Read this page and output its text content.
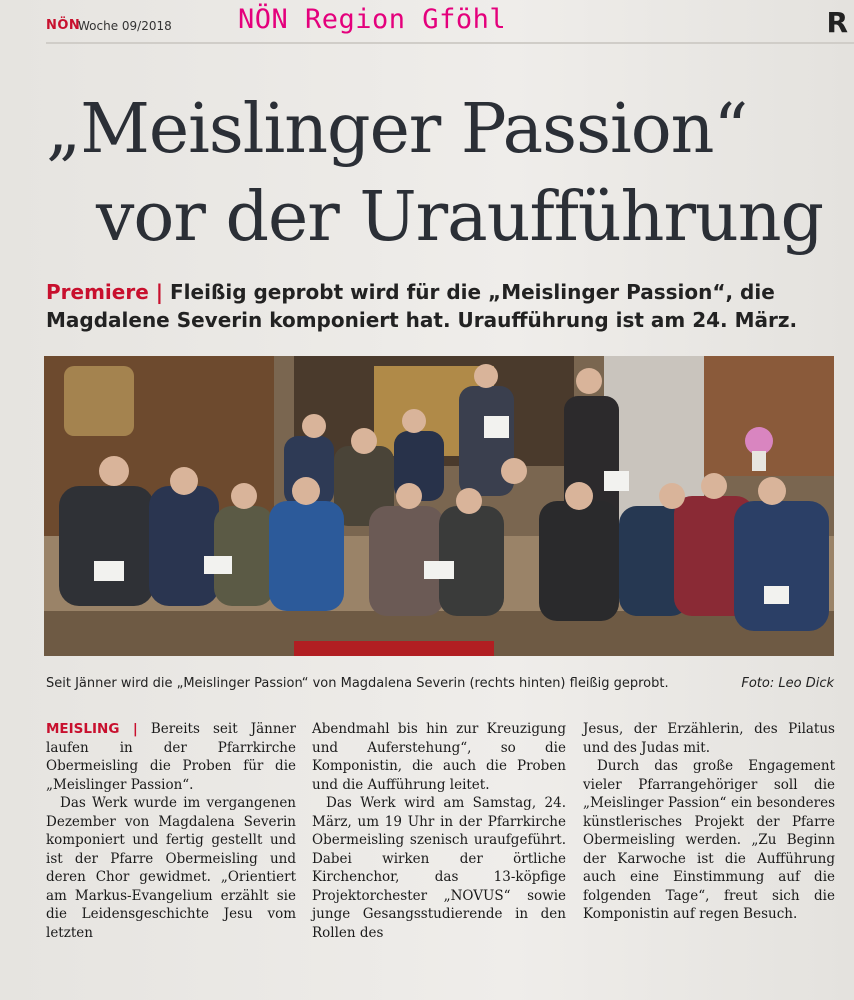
NÖN
Woche 09/2018 NÖN Region Gföhl	R
„Meislinger Passion“
vor der Uraufführung
Premiere | Fleißig geprobt wird für die „Meislinger Passion“, die Magdalene Severin komponiert hat. Uraufführung ist am 24. März.
Seit Jänner wird die „Meislinger Passion“ von Magdalena Severin (rechts hinten) fleißig geprobt.	Foto: Leo Dick

MEISLING | Bereits seit Jänner laufen in der Pfarrkirche Obermeisling die Proben für die „Meislinger Passion“.

Das Werk wurde im vergangenen Dezember von Magdalena Severin komponiert und fertig gestellt und ist der Pfarre Obermeisling und deren Chor gewidmet. „Orientiert am Markus-Evangelium erzählt sie die Leidensgeschichte Jesu vom letzten

Abendmahl bis hin zur Kreuzigung und Auferstehung“, so die Komponistin, die auch die Proben und die Aufführung leitet.

Das Werk wird am Samstag, 24. März, um 19 Uhr in der Pfarrkirche Obermeisling szenisch uraufgeführt. Dabei wirken der örtliche Kirchenchor, das 13-köpfige Projektorchester „NOVUS“ sowie junge Gesangsstudierende in den Rollen des

Jesus, der Erzählerin, des Pilatus und des Judas mit.

Durch das große Engagement vieler Pfarrangehöriger soll die „Meislinger Passion“ ein besonderes künstlerisches Projekt der Pfarre Obermeisling werden. „Zu Beginn der Karwoche ist die Aufführung auch eine Einstimmung auf die folgenden Tage“, freut sich die Komponistin auf regen Besuch.
